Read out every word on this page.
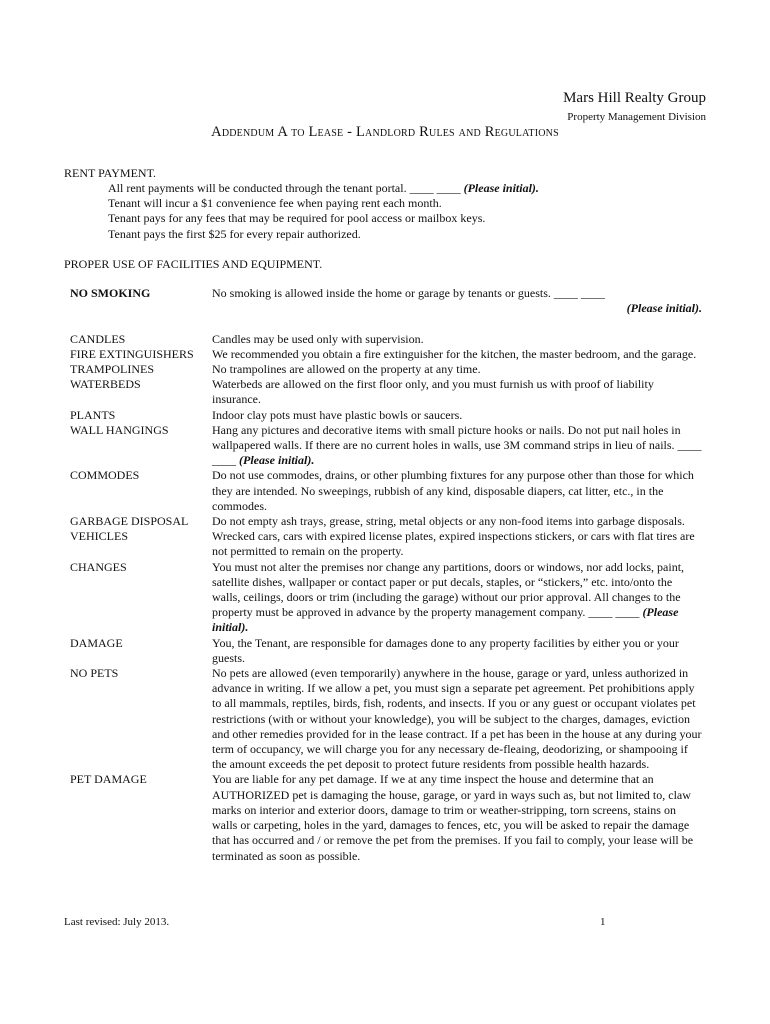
Mars Hill Realty Group
Property Management Division
Addendum A to Lease - Landlord Rules and Regulations
RENT PAYMENT.
All rent payments will be conducted through the tenant portal. ____ ____ (Please initial).
Tenant will incur a $1 convenience fee when paying rent each month.
Tenant pays for any fees that may be required for pool access or mailbox keys.
Tenant pays the first $25 for every repair authorized.
PROPER USE OF FACILITIES AND EQUIPMENT.
NO SMOKING	No smoking is allowed inside the home or garage by tenants or guests. ____ ____
(Please initial).
CANDLES	Candles may be used only with supervision.
FIRE EXTINGUISHERS	We recommended you obtain a fire extinguisher for the kitchen, the master bedroom, and the garage.
TRAMPOLINES	No trampolines are allowed on the property at any time.
WATERBEDS	Waterbeds are allowed on the first floor only, and you must furnish us with proof of liability insurance.
PLANTS	Indoor clay pots must have plastic bowls or saucers.
WALL HANGINGS	Hang any pictures and decorative items with small picture hooks or nails. Do not put nail holes in wallpapered walls. If there are no current holes in walls, use 3M command strips in lieu of nails. ____ ____ (Please initial).
COMMODES	Do not use commodes, drains, or other plumbing fixtures for any purpose other than those for which they are intended. No sweepings, rubbish of any kind, disposable diapers, cat litter, etc., in the commodes.
GARBAGE DISPOSAL	Do not empty ash trays, grease, string, metal objects or any non-food items into garbage disposals.
VEHICLES	Wrecked cars, cars with expired license plates, expired inspections stickers, or cars with flat tires are not permitted to remain on the property.
CHANGES	You must not alter the premises nor change any partitions, doors or windows, nor add locks, paint, satellite dishes, wallpaper or contact paper or put decals, staples, or “stickers,” etc. into/onto the walls, ceilings, doors or trim (including the garage) without our prior approval. All changes to the property must be approved in advance by the property management company. ____ ____ (Please initial).
DAMAGE	You, the Tenant, are responsible for damages done to any property facilities by either you or your guests.
NO PETS	No pets are allowed (even temporarily) anywhere in the house, garage or yard, unless authorized in advance in writing. If we allow a pet, you must sign a separate pet agreement. Pet prohibitions apply to all mammals, reptiles, birds, fish, rodents, and insects. If you or any guest or occupant violates pet restrictions (with or without your knowledge), you will be subject to the charges, damages, eviction and other remedies provided for in the lease contract. If a pet has been in the house at any during your term of occupancy, we will charge you for any necessary de-fleaing, deodorizing, or shampooing if the amount exceeds the pet deposit to protect future residents from possible health hazards.
PET DAMAGE	You are liable for any pet damage. If we at any time inspect the house and determine that an AUTHORIZED pet is damaging the house, garage, or yard in ways such as, but not limited to, claw marks on interior and exterior doors, damage to trim or weather-stripping, torn screens, stains on walls or carpeting, holes in the yard, damages to fences, etc, you will be asked to repair the damage that has occurred and / or remove the pet from the premises. If you fail to comply, your lease will be terminated as soon as possible.
Last revised: July 2013.	1
